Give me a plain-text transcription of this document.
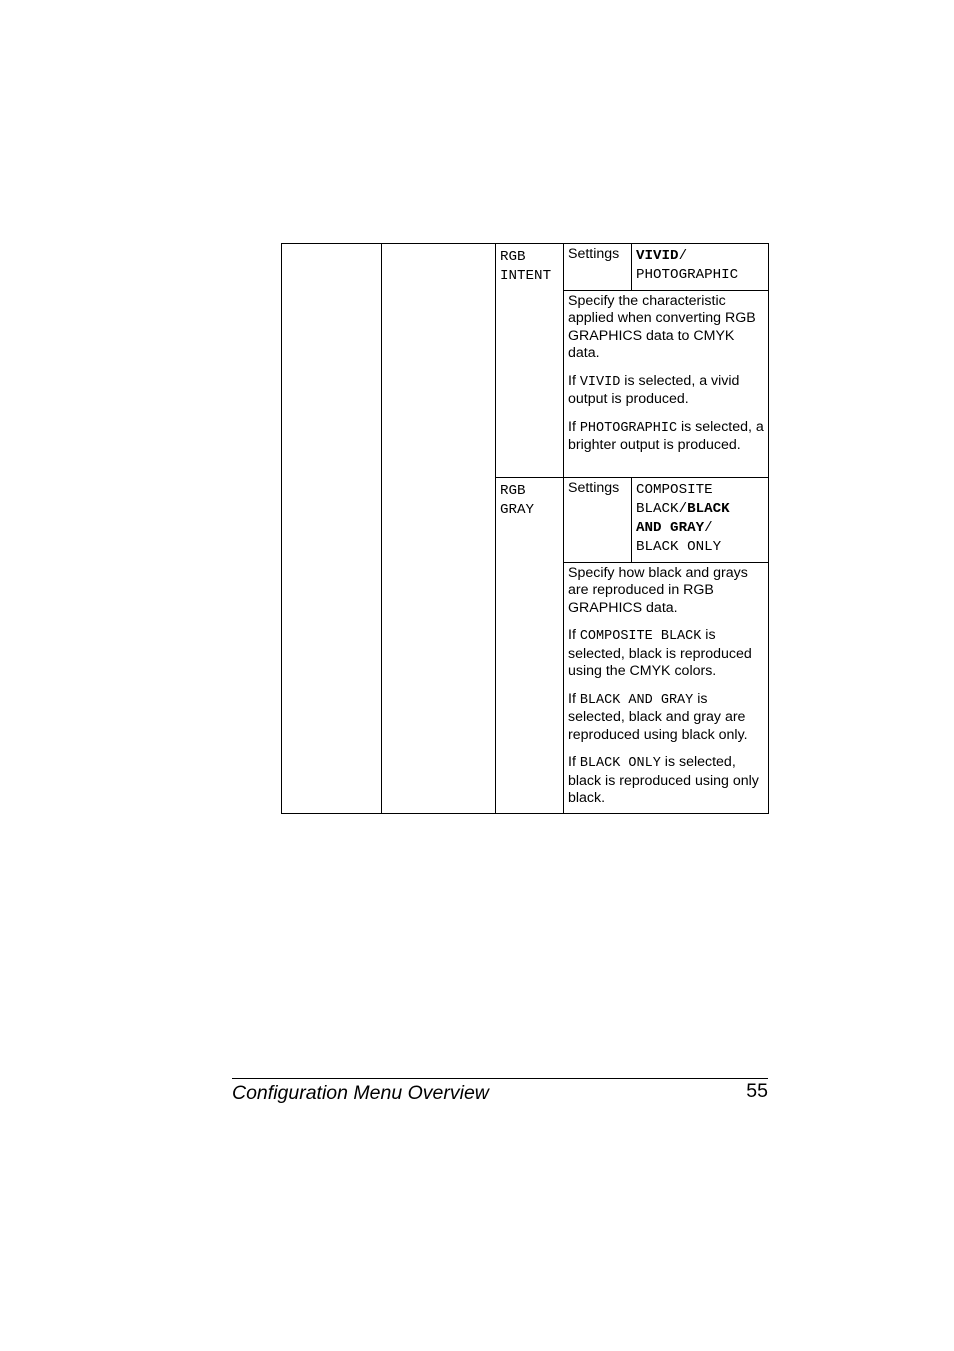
		RGB
INTENT	Settings	VIVID/
PHOTOGRAPHIC

			Specify the characteristic applied when converting RGB GRAPHICS data to CMYK data.

If VIVID is selected, a vivid output is produced.

If PHOTOGRAPHIC is selected, a brighter output is produced.	

		RGB
GRAY	Settings	COMPOSITE
BLACK/BLACK
AND GRAY/
BLACK ONLY

			Specify how black and grays are reproduced in RGB GRAPHICS data.

If COMPOSITE BLACK is selected, black is reproduced using the CMYK colors.

If BLACK AND GRAY is selected, black and gray are reproduced using black only.

If BLACK ONLY is selected, black is reproduced using only black.	

Configuration Menu Overview	55
